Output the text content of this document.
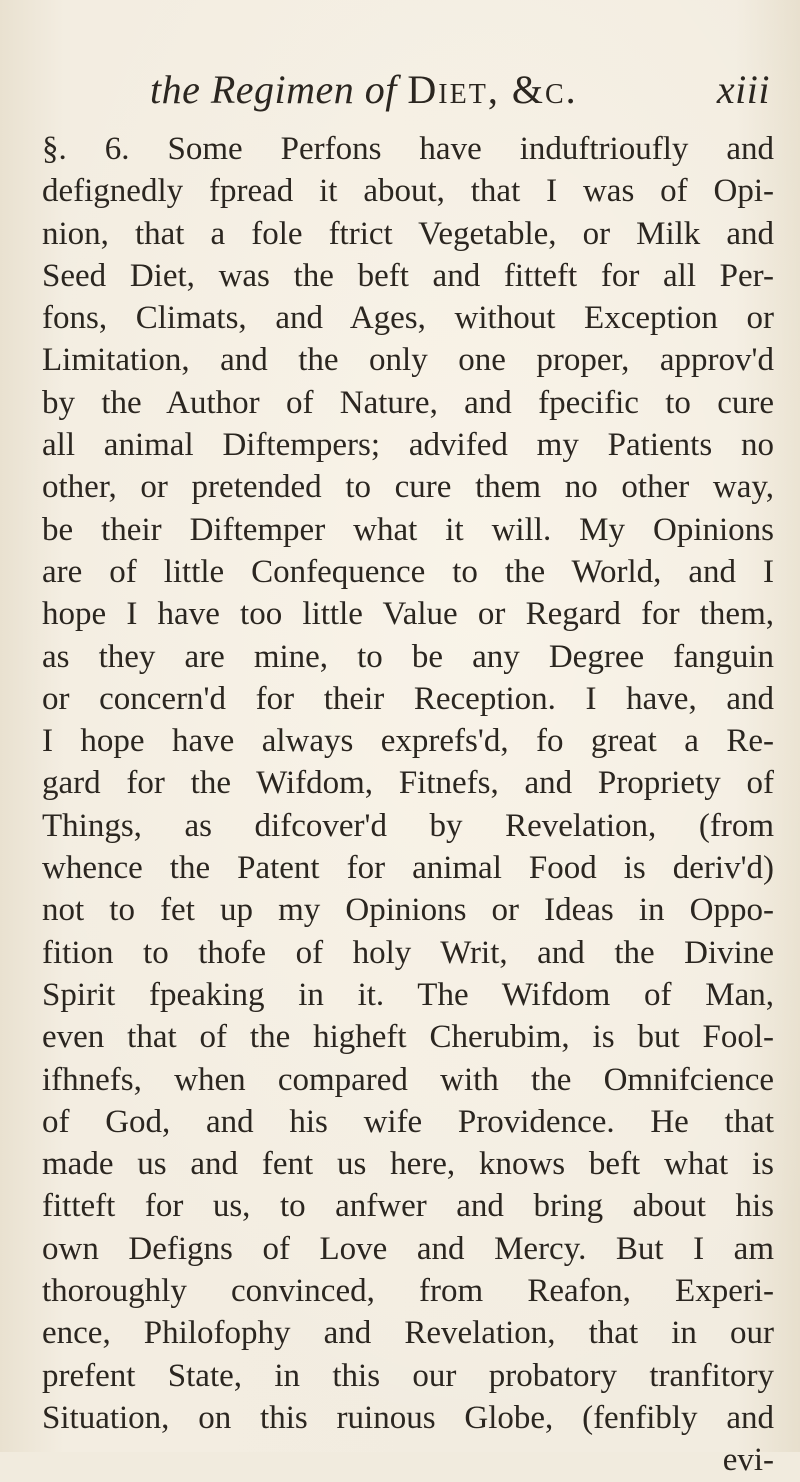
the Regimen of Diet, &c.	xiii
§. 6. Some Perfons have induftrioufly and
defignedly fpread it about, that I was of Opi-
nion, that a fole ftrict Vegetable, or Milk and
Seed Diet, was the beft and fitteft for all Per-
fons, Climats, and Ages, without Exception or
Limitation, and the only one proper, approv'd
by the Author of Nature, and fpecific to cure
all animal Diftempers; advifed my Patients no
other, or pretended to cure them no other way,
be their Diftemper what it will. My Opinions
are of little Confequence to the World, and I
hope I have too little Value or Regard for them,
as they are mine, to be any Degree fanguin
or concern'd for their Reception. I have, and
I hope have always exprefs'd, fo great a Re-
gard for the Wifdom, Fitnefs, and Propriety of
Things, as difcover'd by Revelation, (from
whence the Patent for animal Food is deriv'd)
not to fet up my Opinions or Ideas in Oppo-
fition to thofe of holy Writ, and the Divine
Spirit fpeaking in it. The Wifdom of Man,
even that of the higheft Cherubim, is but Fool-
ifhnefs, when compared with the Omnifcience
of God, and his wife Providence. He that
made us and fent us here, knows beft what is
fitteft for us, to anfwer and bring about his
own Defigns of Love and Mercy. But I am
thoroughly convinced, from Reafon, Experi-
ence, Philofophy and Revelation, that in our
prefent State, in this our probatory tranfitory
Situation, on this ruinous Globe, (fenfibly and
evi-
